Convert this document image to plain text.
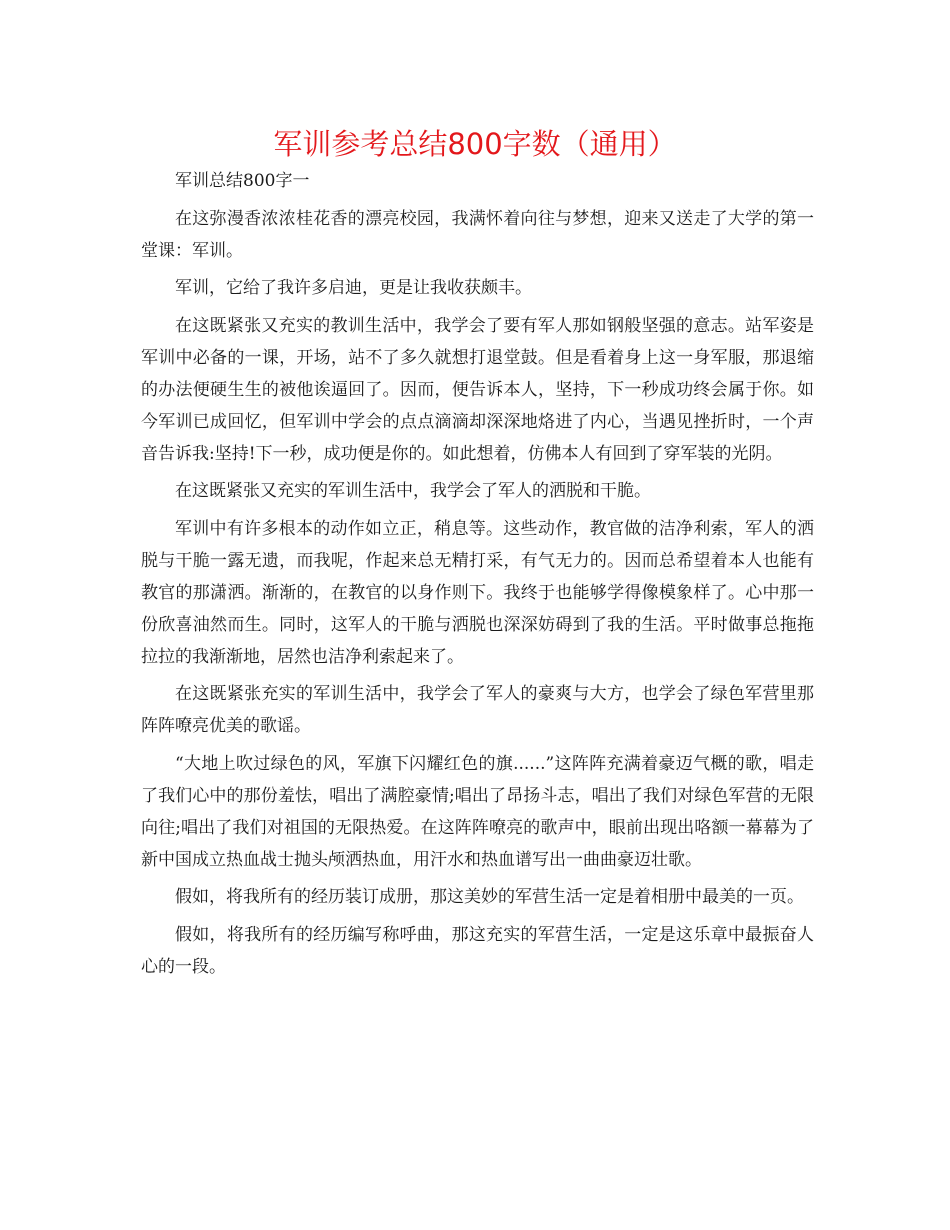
军训参考总结800字数（通用）

军训总结800字一

在这弥漫香浓浓桂花香的漂亮校园，我满怀着向往与梦想，迎来又送走了大学的第一堂课：军训。

军训，它给了我许多启迪，更是让我收获颇丰。

在这既紧张又充实的教训生活中，我学会了要有军人那如钢般坚强的意志。站军姿是军训中必备的一课，开场，站不了多久就想打退堂鼓。但是看着身上这一身军服，那退缩的办法便硬生生的被他诶逼回了。因而，便告诉本人，坚持，下一秒成功终会属于你。如今军训已成回忆，但军训中学会的点点滴滴却深深地烙进了内心，当遇见挫折时，一个声音告诉我:坚持!下一秒，成功便是你的。如此想着，仿佛本人有回到了穿军装的光阴。

在这既紧张又充实的军训生活中，我学会了军人的洒脱和干脆。

军训中有许多根本的动作如立正，稍息等。这些动作，教官做的洁净利索，军人的洒脱与干脆一露无遗，而我呢，作起来总无精打采，有气无力的。因而总希望着本人也能有教官的那潇洒。渐渐的，在教官的以身作则下。我终于也能够学得像模象样了。心中那一份欣喜油然而生。同时，这军人的干脆与洒脱也深深妨碍到了我的生活。平时做事总拖拖拉拉的我渐渐地，居然也洁净利索起来了。

在这既紧张充实的军训生活中，我学会了军人的豪爽与大方，也学会了绿色军营里那阵阵嘹亮优美的歌谣。

“大地上吹过绿色的风，军旗下闪耀红色的旗......”这阵阵充满着豪迈气概的歌，唱走了我们心中的那份羞怯，唱出了满腔豪情;唱出了昂扬斗志，唱出了我们对绿色军营的无限向往;唱出了我们对祖国的无限热爱。在这阵阵嘹亮的歌声中，眼前出现出咯额一幕幕为了新中国成立热血战士抛头颅洒热血，用汗水和热血谱写出一曲曲豪迈壮歌。

假如，将我所有的经历装订成册，那这美妙的军营生活一定是着相册中最美的一页。

假如，将我所有的经历编写称呼曲，那这充实的军营生活，一定是这乐章中最振奋人心的一段。
